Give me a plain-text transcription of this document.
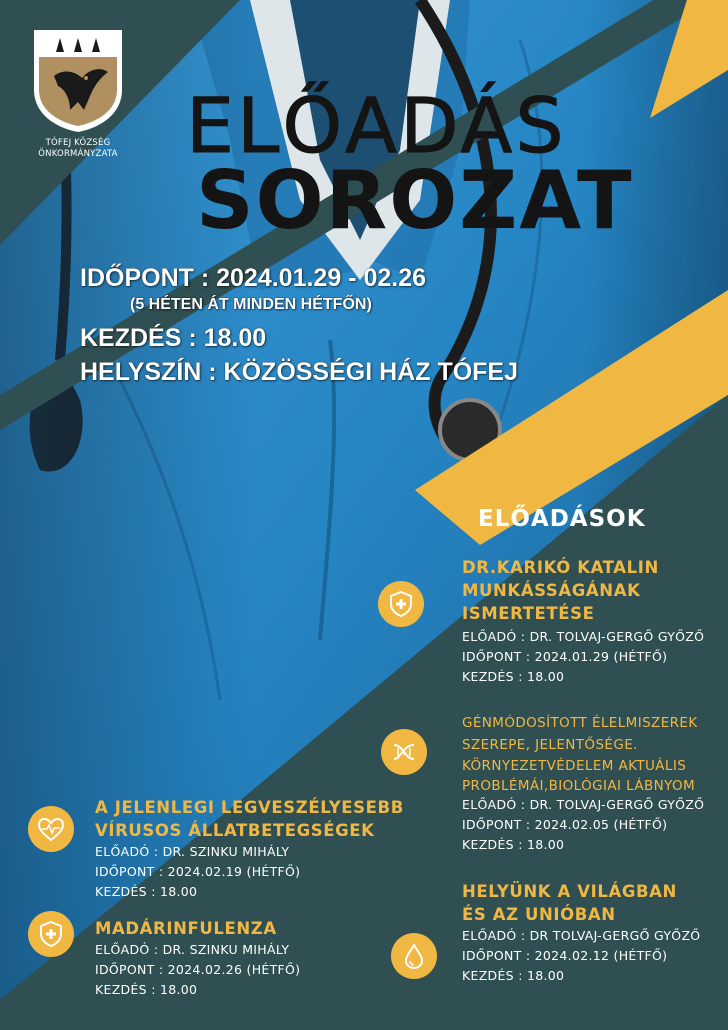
TÓFEJ KÖZSÉG
ÖNKORMÁNYZATA ELŐADÁS
SOROZAT
IDŐPONT : 2024.01.29 - 02.26
(5 HÉTEN ÁT MINDEN HÉTFŐN)
KEZDÉS : 18.00
HELYSZÍN : KÖZÖSSÉGI HÁZ TÓFEJ
ELŐADÁSOK
DR.KARIKÓ KATALIN
MUNKÁSSÁGÁNAK
ISMERTETÉSE
ELŐADÓ : DR. TOLVAJ-GERGŐ GYŐZŐ
IDŐPONT : 2024.01.29 (HÉTFŐ)
KEZDÉS : 18.00
GÉNMÓDOSÍTOTT ÉLELMISZEREK
SZEREPE, JELENTŐSÉGE.
KÖRNYEZETVÉDELEM AKTUÁLIS
PROBLÉMÁI,BIOLÓGIAI LÁBNYOM
ELŐADÓ : DR. TOLVAJ-GERGŐ GYŐZŐ
IDŐPONT : 2024.02.05 (HÉTFŐ)
KEZDÉS : 18.00
HELYÜNK A VILÁGBAN
ÉS AZ UNIÓBAN
ELŐADÓ : DR TOLVAJ-GERGŐ GYŐZŐ
IDŐPONT : 2024.02.12 (HÉTFŐ)
KEZDÉS : 18.00
A JELENLEGI LEGVESZÉLYESEBB
VÍRUSOS ÁLLATBETEGSÉGEK
ELŐADÓ : DR. SZINKU MIHÁLY
IDŐPONT : 2024.02.19 (HÉTFŐ)
KEZDÉS : 18.00
MADÁRINFULENZA
ELŐADÓ : DR. SZINKU MIHÁLY
IDŐPONT : 2024.02.26 (HÉTFŐ)
KEZDÉS : 18.00
